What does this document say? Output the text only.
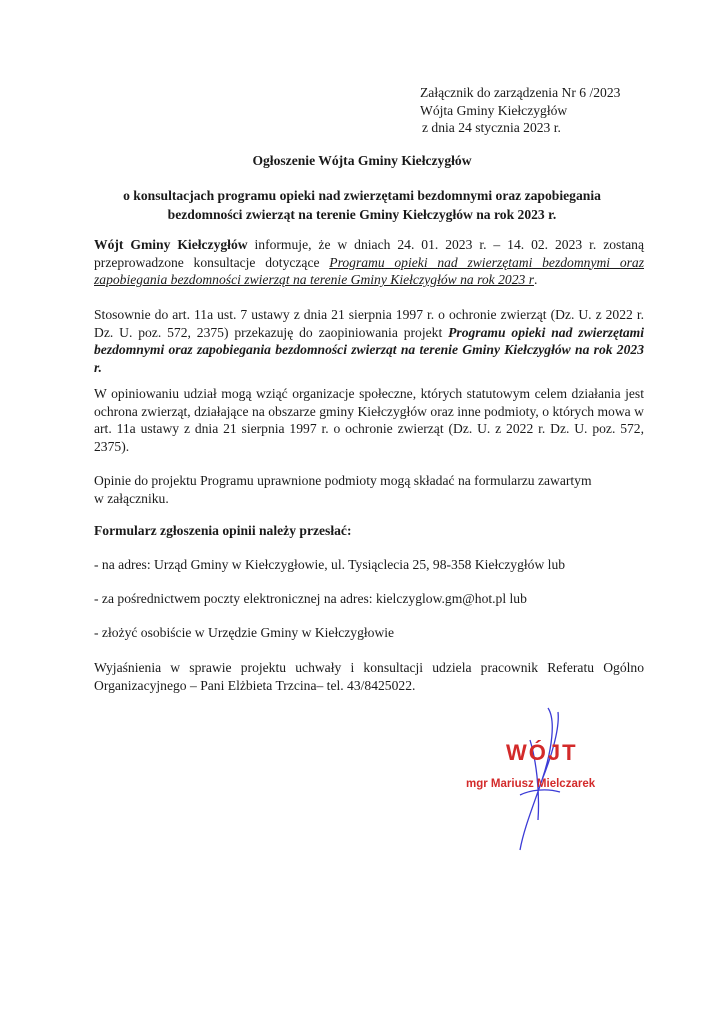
Załącznik do zarządzenia Nr 6 /2023
Wójta Gminy Kiełczygłów
z dnia 24 stycznia 2023 r.
Ogłoszenie Wójta Gminy Kiełczygłów
o konsultacjach programu opieki nad zwierzętami bezdomnymi oraz zapobiegania
bezdomności zwierząt na terenie Gminy Kiełczygłów na rok 2023 r.
Wójt Gminy Kiełczygłów informuje, że w dniach 24. 01. 2023 r. – 14. 02. 2023 r. zostaną przeprowadzone konsultacje dotyczące Programu opieki nad zwierzętami bezdomnymi oraz zapobiegania bezdomności zwierząt na terenie Gminy Kiełczygłów na rok 2023 r.
Stosownie do art. 11a ust. 7 ustawy z dnia 21 sierpnia 1997 r. o ochronie zwierząt (Dz. U. z 2022 r. Dz. U. poz. 572, 2375) przekazuję do zaopiniowania projekt Programu opieki nad zwierzętami bezdomnymi oraz zapobiegania bezdomności zwierząt na terenie Gminy Kiełczygłów na rok 2023 r.
W opiniowaniu udział mogą wziąć organizacje społeczne, których statutowym celem działania jest ochrona zwierząt, działające na obszarze gminy Kiełczygłów oraz inne podmioty, o których mowa w art. 11a ustawy z dnia 21 sierpnia 1997 r. o ochronie zwierząt (Dz. U. z 2022 r. Dz. U. poz. 572, 2375).
Opinie do projektu Programu uprawnione podmioty mogą składać na formularzu zawartym
w załączniku.
Formularz zgłoszenia opinii należy przesłać:
- na adres: Urząd Gminy w Kiełczygłowie, ul. Tysiąclecia 25, 98-358 Kiełczygłów lub
- za pośrednictwem poczty elektronicznej na adres: kielczyglow.gm@hot.pl lub
- złożyć osobiście w Urzędzie Gminy w Kiełczygłowie
Wyjaśnienia w sprawie projektu uchwały i konsultacji udziela pracownik Referatu Ogólno Organizacyjnego – Pani Elżbieta Trzcina– tel. 43/8425022.
WÓJT
mgr Mariusz Mielczarek
